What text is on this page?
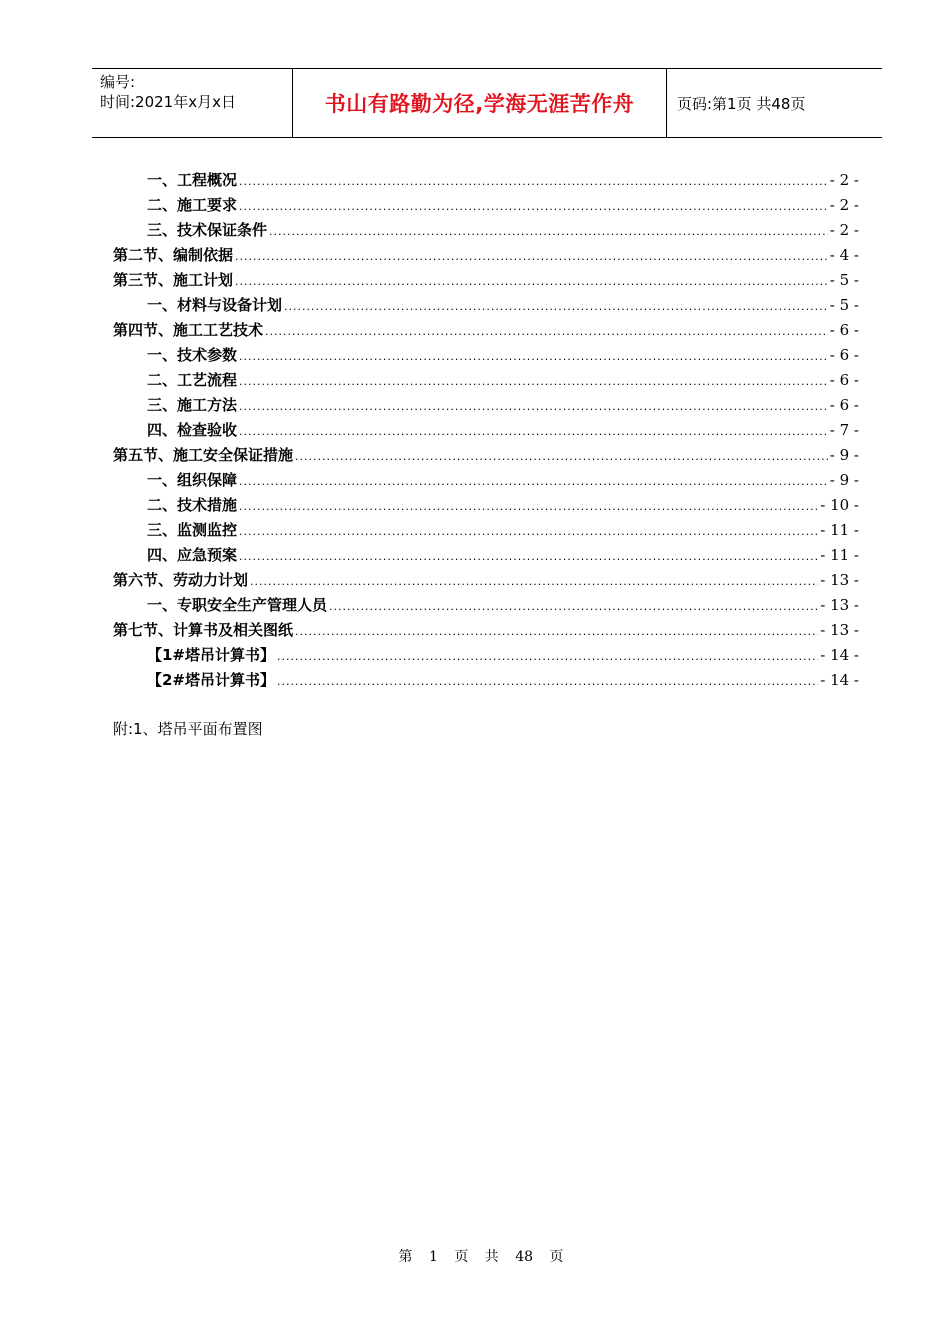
编号:
时间:2021年x月x日	书山有路勤为径,学海无涯苦作舟	页码:第1页 共48页
一、工程概况 .....	- 2 -
二、施工要求 .....	- 2 -
三、技术保证条件 .....	- 2 -
第二节、编制依据 .....	- 4 -
第三节、施工计划 .....	- 5 -
一、材料与设备计划 .....	- 5 -
第四节、施工工艺技术 .....	- 6 -
一、技术参数 .....	- 6 -
二、工艺流程 .....	- 6 -
三、施工方法 .....	- 6 -
四、检查验收 .....	- 7 -
第五节、施工安全保证措施 .....	- 9 -
一、组织保障 .....	- 9 -
二、技术措施 .....	- 10 -
三、监测监控 .....	- 11 -
四、应急预案 .....	- 11 -
第六节、劳动力计划 .....	- 13 -
一、专职安全生产管理人员 .....	- 13 -
第七节、计算书及相关图纸 .....	- 13 -
【1#塔吊计算书】 .....	- 14 -
【2#塔吊计算书】 .....	- 14 -
附:1、塔吊平面布置图
第 1 页 共 48 页
